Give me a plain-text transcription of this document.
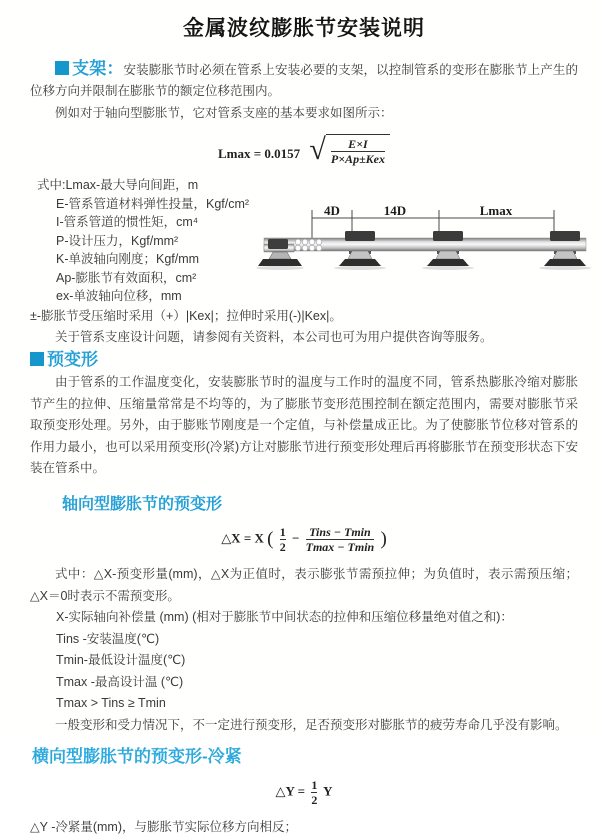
金属波纹膨胀节安装说明

支架：安装膨胀节时必须在管系上安装必要的支架，以控制管系的变形在膨胀节上产生的位移方向并限制在膨胀节的额定位移范围内。

例如对于轴向型膨胀节，它对管系支座的基本要求如图所示：

Lmax = 0.0157 √ $\frac{E\times I}{\text{P×Ap±Kex}}$
式中:Lmax-最大导向间距，m
E-管系管道材料弹性投量，Kgf/cm²
I-管系管道的惯性矩，cm⁴
P-设计压力，Kgf/mm²
K-单波轴向刚度；Kgf/mm
Ap-膨胀节有效面积，cm²
ex-单波轴向位移，mm
4D	14D	Lmax

±-膨胀节受压缩时采用（+）|Kex|；拉伸时采用(-)|Kex|。

关于管系支座设计问题，请参阅有关资料，本公司也可为用户提供咨询等服务。

预变形

由于管系的工作温度变化，安装膨胀节时的温度与工作时的温度不同，管系热膨胀冷缩对膨胀节产生的拉伸、压缩量常常是不均等的，为了膨胀节变形范围控制在额定范围内，需要对膨胀节采取预变形处理。另外，由于膨账节刚度是一个定值，与补偿量成正比。为了使膨胀节位移对管系的作用力最小，也可以采用预变形(冷紧)方让对膨胀节进行预变形处理后再将膨胀节在预变形状态下安装在管系中。

轴向型膨胀节的预变形
△X = X ( $\frac{1}{2} - \frac{\text{Tins − Tmin}}{Tmax - Tmin}$ )

式中：△X-预变形量(mm)，△X为正值时，表示膨张节需预拉伸；为负值时，表示需预压缩；△X＝0时表示不需预变形。

X-实际轴向补偿量 (mm) (相对于膨胀节中间状态的拉伸和压缩位移量绝对值之和)：
Tins -安装温度(℃)
Tmin-最低设计温度(℃)
Tmax -最高设计温 (℃)
Tmax > Tins ≥ Tmin

一般变形和受力情况下，不一定进行预变形，足否预变形对膨胀节的疲劳寿命几乎没有影响。

横向型膨胀节的预变形-冷紧
△Y = $\frac{1}{2}$ Y

△Y -冷紧量(mm)，与膨胀节实际位移方向相反；
